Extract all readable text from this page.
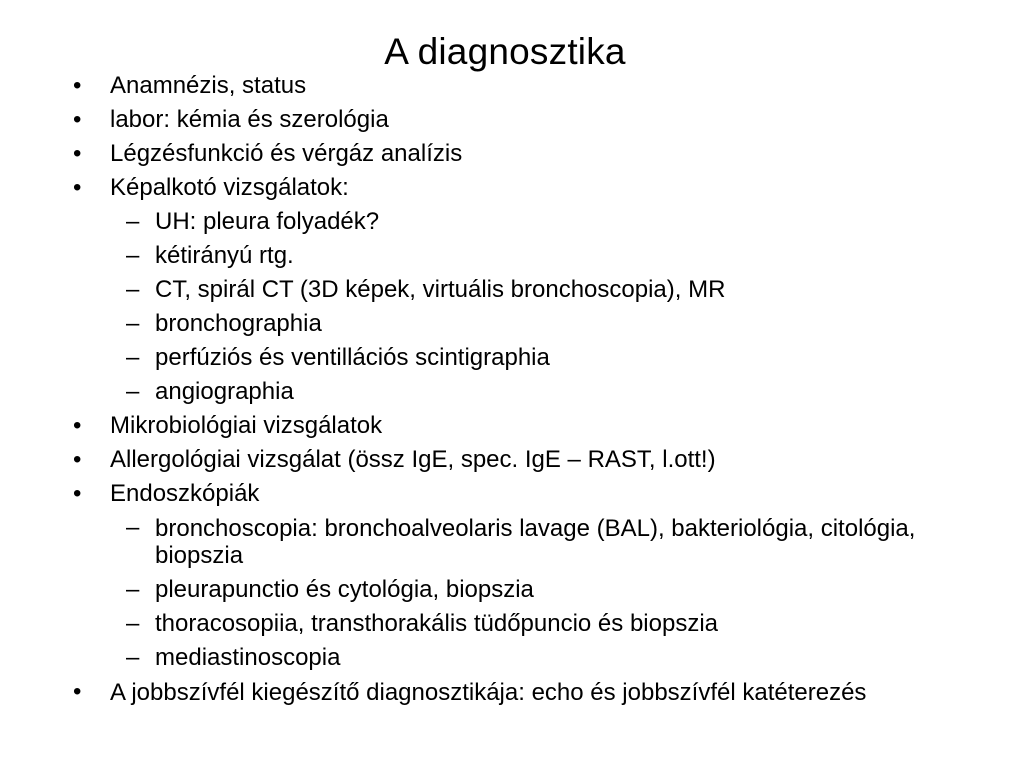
A diagnosztika
• Anamnézis, status
• labor: kémia és szerológia
• Légzésfunkció és vérgáz analízis
• Képalkotó vizsgálatok:
– UH: pleura folyadék?
– kétirányú rtg.
– CT, spirál CT (3D képek, virtuális bronchoscopia), MR
– bronchographia
– perfúziós és ventillációs scintigraphia
– angiographia
• Mikrobiológiai vizsgálatok
• Allergológiai vizsgálat (össz IgE, spec. IgE – RAST, l.ott!)
• Endoszkópiák
– bronchoscopia: bronchoalveolaris lavage (BAL), bakteriológia, citológia, biopszia
– pleurapunctio és cytológia, biopszia
– thoracosopiia, transthorakális tüdőpuncio és biopszia
– mediastinoscopia
• A jobbszívfél kiegészítő diagnosztikája: echo és jobbszívfél katéterezés
